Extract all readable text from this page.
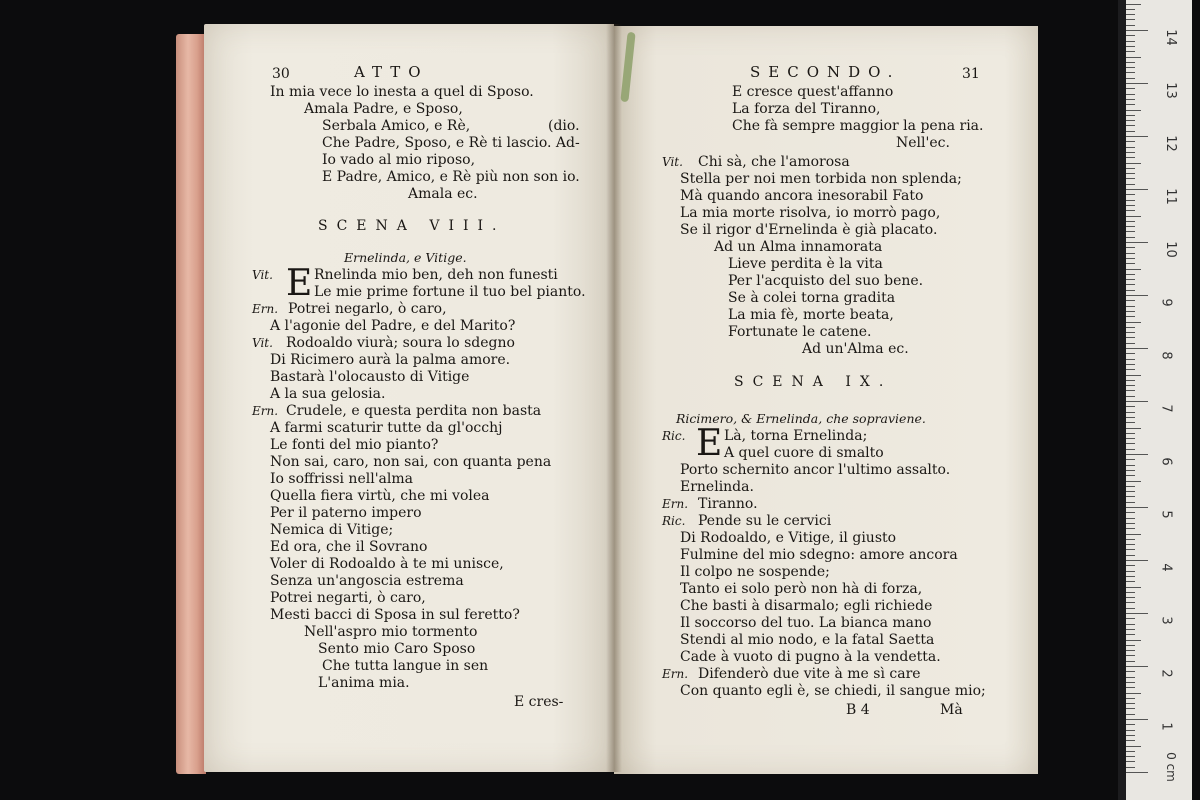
30	ATTO
In mia vece lo inesta a quel di Sposo.
Amala Padre, e Sposo,
Serbala Amico, e Rè,	(dio.
Che Padre, Sposo, e Rè ti lascio. Ad-
Io vado al mio riposo,
E Padre, Amico, e Rè più non son io.
Amala ec.
SCENA VIII.
Ernelinda, e Vitige.
E
Vit.	Rnelinda mio ben, deh non funesti
Le mie prime fortune il tuo bel pianto.
Ern. Potrei negarlo, ò caro,
A l'agonie del Padre, e del Marito?
Vit. Rodoaldo viurà; soura lo sdegno
Di Ricimero aurà la palma amore.
Bastarà l'olocausto di Vitige
A la sua gelosia.
Ern. Crudele, e questa perdita non basta
A farmi scaturir tutte da gl'occhj
Le fonti del mio pianto?
Non sai, caro, non sai, con quanta pena
Io soffrissi nell'alma
Quella fiera virtù, che mi volea
Per il paterno impero
Nemica di Vitige;
Ed ora, che il Sovrano
Voler di Rodoaldo à te mi unisce,
Senza un'angoscia estrema
Potrei negarti, ò caro,
Mesti bacci di Sposa in sul feretto?
Nell'aspro mio tormento
Sento mio Caro Sposo
Che tutta langue in sen
L'anima mia.
E cres-
SECONDO.	31
E cresce quest'affanno
La forza del Tiranno,
Che fà sempre maggior la pena ria.
Nell'ec.
Vit.	Chi sà, che l'amorosa
Stella per noi men torbida non splenda;
Mà quando ancora inesorabil Fato
La mia morte risolva, io morrò pago,
Se il rigor d'Ernelinda è già placato.
Ad un Alma innamorata
Lieve perdita è la vita
Per l'acquisto del suo bene.
Se à colei torna gradita
La mia fè, morte beata,
Fortunate le catene.
Ad un'Alma ec.
SCENA IX.
Ricimero, & Ernelinda, che sopraviene.
Ric. E Là, torna Ernelinda;
A quel cuore di smalto
Porto schernito ancor l'ultimo assalto.
Ernelinda.
Ern. Tiranno.
Ric. Pende su le cervici
Di Rodoaldo, e Vitige, il giusto
Fulmine del mio sdegno: amore ancora
Il colpo ne sospende;
Tanto ei solo però non hà di forza,
Che basti à disarmalo; egli richiede
Il soccorso del tuo. La bianca mano
Stendi al mio nodo, e la fatal Saetta
Cade à vuoto di pugno à la vendetta.
Ern. Difenderò due vite à me sì care
Con quanto egli è, se chiedi, il sangue mio;
B 4	Mà
14
13
12
11
10
9
8
7
6
5
4
3
2
1
0 cm
